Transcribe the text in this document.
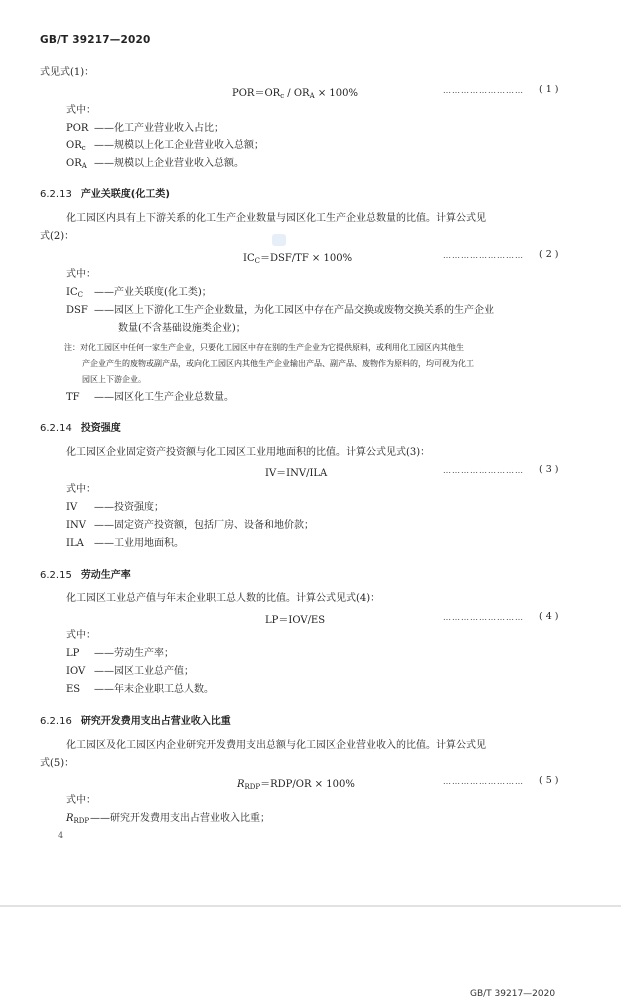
GB/T 39217—2020
式见式(1)：
$POR=OR_c / OR_A \times 100\%$	……………………… ( 1 )
式中：
POR ——化工产业营业收入占比；
$OR_c$ ——规模以上化工企业营业收入总额；
$OR_A$ ——规模以上企业营业收入总额。
6.2.13 产业关联度(化工类)
化工园区内具有上下游关系的化工生产企业数量与园区化工生产企业总数量的比值。计算公式见
式(2)：
$IC_C=DSF/TF \times 100\%$	……………………… ( 2 )
式中：
$IC_C$ ——产业关联度(化工类)；
DSF ——园区上下游化工生产企业数量，为化工园区中存在产品交换或废物交换关系的生产企业
数量(不含基础设施类企业)；
注：对化工园区中任何一家生产企业，只要化工园区中存在别的生产企业为它提供原料，或利用化工园区内其他生
产企业产生的废物或副产品，或向化工园区内其他生产企业输出产品、副产品、废物作为原料的，均可视为化工
园区上下游企业。
TF ——园区化工生产企业总数量。
6.2.14 投资强度
化工园区企业固定资产投资额与化工园区工业用地面积的比值。计算公式见式(3)：
IV＝INV/ILA	……………………… ( 3 )
式中：
IV ——投资强度；
INV ——固定资产投资额，包括厂房、设备和地价款；
ILA ——工业用地面积。
6.2.15 劳动生产率
化工园区工业总产值与年末企业职工总人数的比值。计算公式见式(4)：
LP＝IOV/ES	……………………… ( 4 )
式中：
LP ——劳动生产率；
IOV ——园区工业总产值；
ES ——年末企业职工总人数。
6.2.16 研究开发费用支出占营业收入比重
化工园区及化工园区内企业研究开发费用支出总额与化工园区企业营业收入的比值。计算公式见
式(5)：
$R_{RDP}=RDP/OR \times 100\%$	……………………… ( 5 )
式中：
$R_{RDP}——$研究开发费用支出占营业收入比重；
4
GB/T 39217—2020
